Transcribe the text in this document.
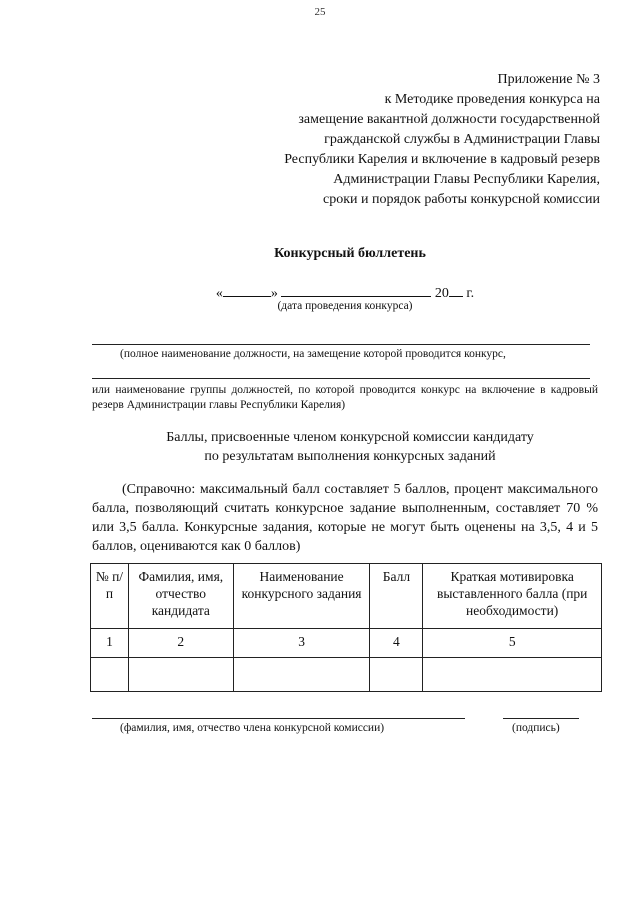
25
Приложение № 3
к Методике проведения конкурса на
замещение вакантной должности государственной
гражданской службы в Администрации Главы
Республики Карелия и включение в кадровый резерв
Администрации Главы Республики Карелия,
сроки и порядок работы конкурсной комиссии
Конкурсный бюллетень
«	»	20 г.
(дата проведения конкурса)
(полное наименование должности, на замещение которой проводится конкурс,
или наименование группы должностей, по которой проводится конкурс на включение в кадровый резерв Администрации главы Республики Карелия)
Баллы, присвоенные членом конкурсной комиссии кандидату
по результатам выполнения конкурсных заданий
(Справочно: максимальный балл составляет 5 баллов, процент максимального балла, позволяющий считать конкурсное задание выполненным, составляет 70 % или 3,5 балла. Конкурсные задания, которые не могут быть оценены на 3,5, 4 и 5 баллов, оцениваются как 0 баллов)
№ п/п	Фамилия, имя, отчество кандидата	Наименование конкурсного задания	Балл	Краткая мотивировка выставленного балла (при необходимости)
1	2	3	4	5

(фамилия, имя, отчество члена конкурсной комиссии)	(подпись)
